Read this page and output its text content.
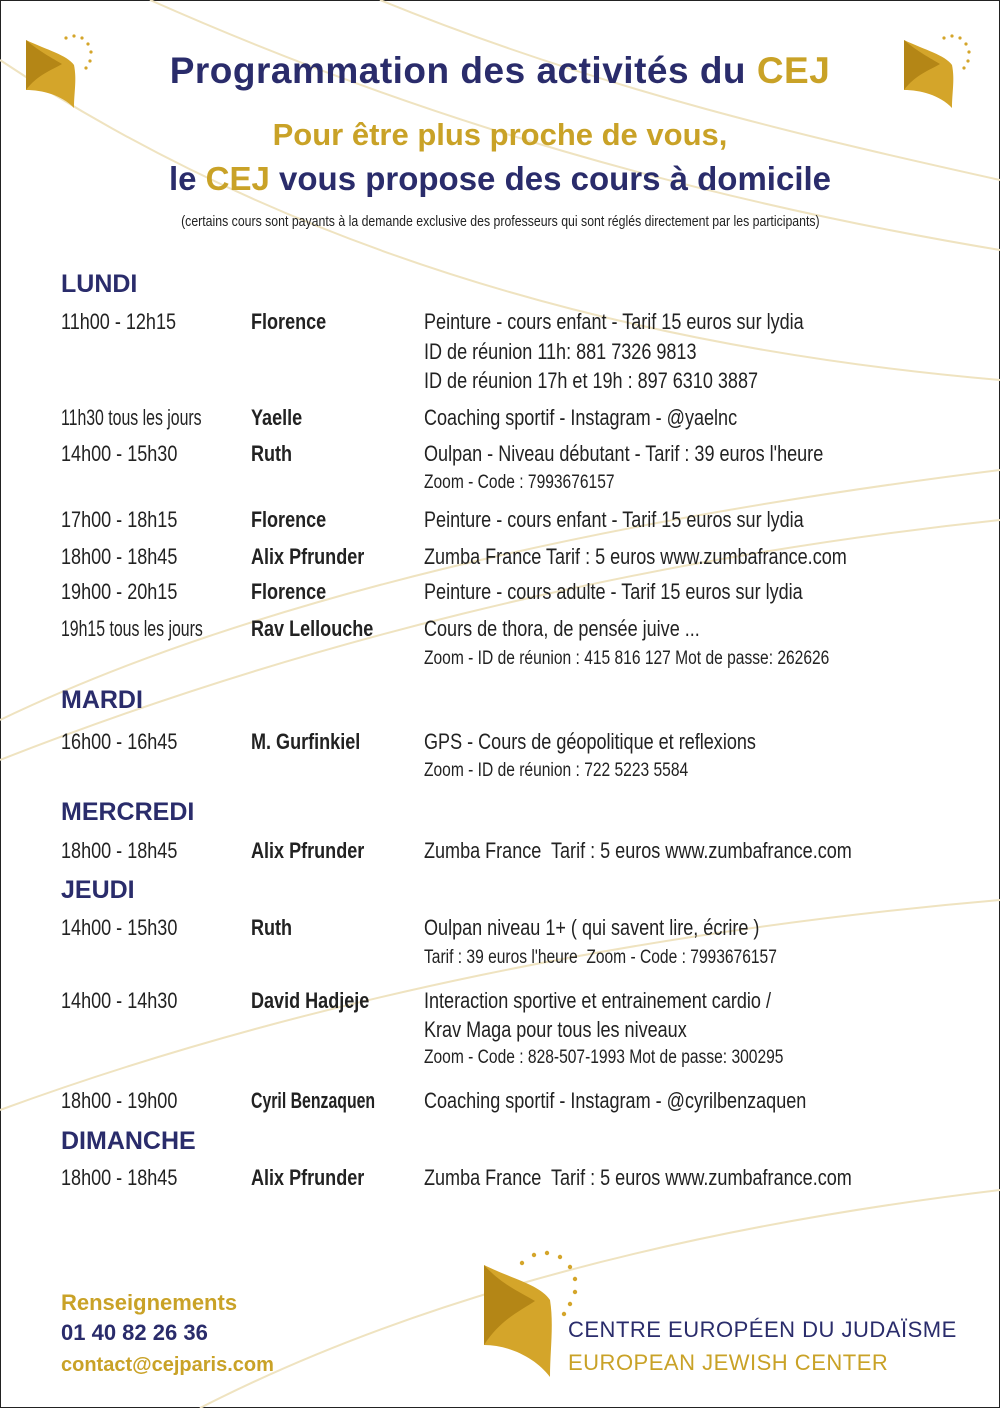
Programmation des activités du CEJ
Pour être plus proche de vous,
le CEJ vous propose des cours à domicile
(certains cours sont payants à la demande exclusive des professeurs qui sont réglés directement par les participants)
LUNDI
11h00 - 12h15	Florence	Peinture - cours enfant - Tarif 15 euros sur lydia
ID de réunion 11h: 881 7326 9813
ID de réunion 17h et 19h : 897 6310 3887
11h30 tous les jours	Yaelle	Coaching sportif - Instagram - @yaelnc
14h00 - 15h30	Ruth	Oulpan - Niveau débutant - Tarif : 39 euros l'heure
Zoom - Code : 7993676157
17h00 - 18h15	Florence	Peinture - cours enfant - Tarif 15 euros sur lydia
18h00 - 18h45	Alix Pfrunder	Zumba France Tarif : 5 euros www.zumbafrance.com
19h00 - 20h15	Florence	Peinture - cours adulte - Tarif 15 euros sur lydia
19h15 tous les jours	Rav Lellouche	Cours de thora, de pensée juive ...
Zoom - ID de réunion : 415 816 127 Mot de passe: 262626
MARDI
16h00 - 16h45	M. Gurfinkiel	GPS - Cours de géopolitique et reflexions
Zoom - ID de réunion : 722 5223 5584
MERCREDI
18h00 - 18h45	Alix Pfrunder	Zumba France  Tarif : 5 euros www.zumbafrance.com
JEUDI
14h00 - 15h30	Ruth	Oulpan niveau 1+ ( qui savent lire, écrire )
Tarif : 39 euros l'heure  Zoom - Code : 7993676157
14h00 - 14h30	David Hadjeje	Interaction sportive et entrainement cardio /
Krav Maga pour tous les niveaux
Zoom - Code : 828-507-1993 Mot de passe: 300295
18h00 - 19h00	Cyril Benzaquen	Coaching sportif - Instagram - @cyrilbenzaquen
DIMANCHE
18h00 - 18h45	Alix Pfrunder	Zumba France  Tarif : 5 euros www.zumbafrance.com
Renseignements
01 40 82 26 36
contact@cejparis.com
CENTRE EUROPÉEN DU JUDAÏSME
EUROPEAN JEWISH CENTER
